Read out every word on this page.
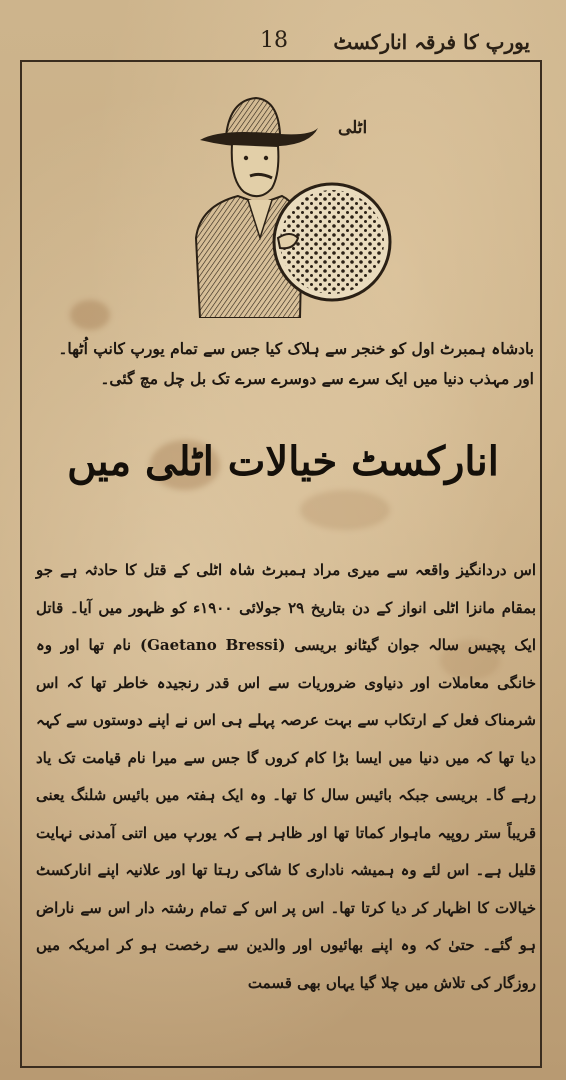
یورپ کا فرقہ انارکسٹ
18
اٹلی
بادشاہ ہمبرٹ اول کو خنجر سے ہلاک کیا جس سے تمام یورپ کانپ اُٹھا۔
اور مہذب دنیا میں ایک سرے سے دوسرے سرے تک بل چل مچ گئی۔
انارکسٹ خیالات اٹلی میں

اس دردانگیز واقعہ سے میری مراد ہمبرٹ شاہ اٹلی کے قتل کا حادثہ ہے جو بمقام مانزا اٹلی انواز کے دن بتاریخ ۲۹ جولائی ۱۹۰۰ء کو ظہور میں آیا۔ قاتل ایک پچیس سالہ جوان گیٹانو بریسی (Gaetano Bressi) نام تھا اور وہ خانگی معاملات اور دنیاوی ضروریات سے اس قدر رنجیدہ خاطر تھا کہ اس شرمناک فعل کے ارتکاب سے بہت عرصہ پہلے ہی اس نے اپنے دوستوں سے کہہ دیا تھا کہ میں دنیا میں ایسا بڑا کام کروں گا جس سے میرا نام قیامت تک یاد رہے گا۔ بریسی جبکہ بائیس سال کا تھا۔ وہ ایک ہفتہ میں بائیس شلنگ یعنی قریباً ستر روپیہ ماہوار کماتا تھا اور ظاہر ہے کہ یورپ میں اتنی آمدنی نہایت قلیل ہے۔ اس لئے وہ ہمیشہ ناداری کا شاکی رہتا تھا اور علانیہ اپنے انارکسٹ خیالات کا اظہار کر دیا کرتا تھا۔ اس پر اس کے تمام رشتہ دار اس سے ناراض ہو گئے۔ حتیٰ کہ وہ اپنے بھائیوں اور والدین سے رخصت ہو کر امریکہ میں روزگار کی تلاش میں چلا گیا یہاں بھی قسمت
